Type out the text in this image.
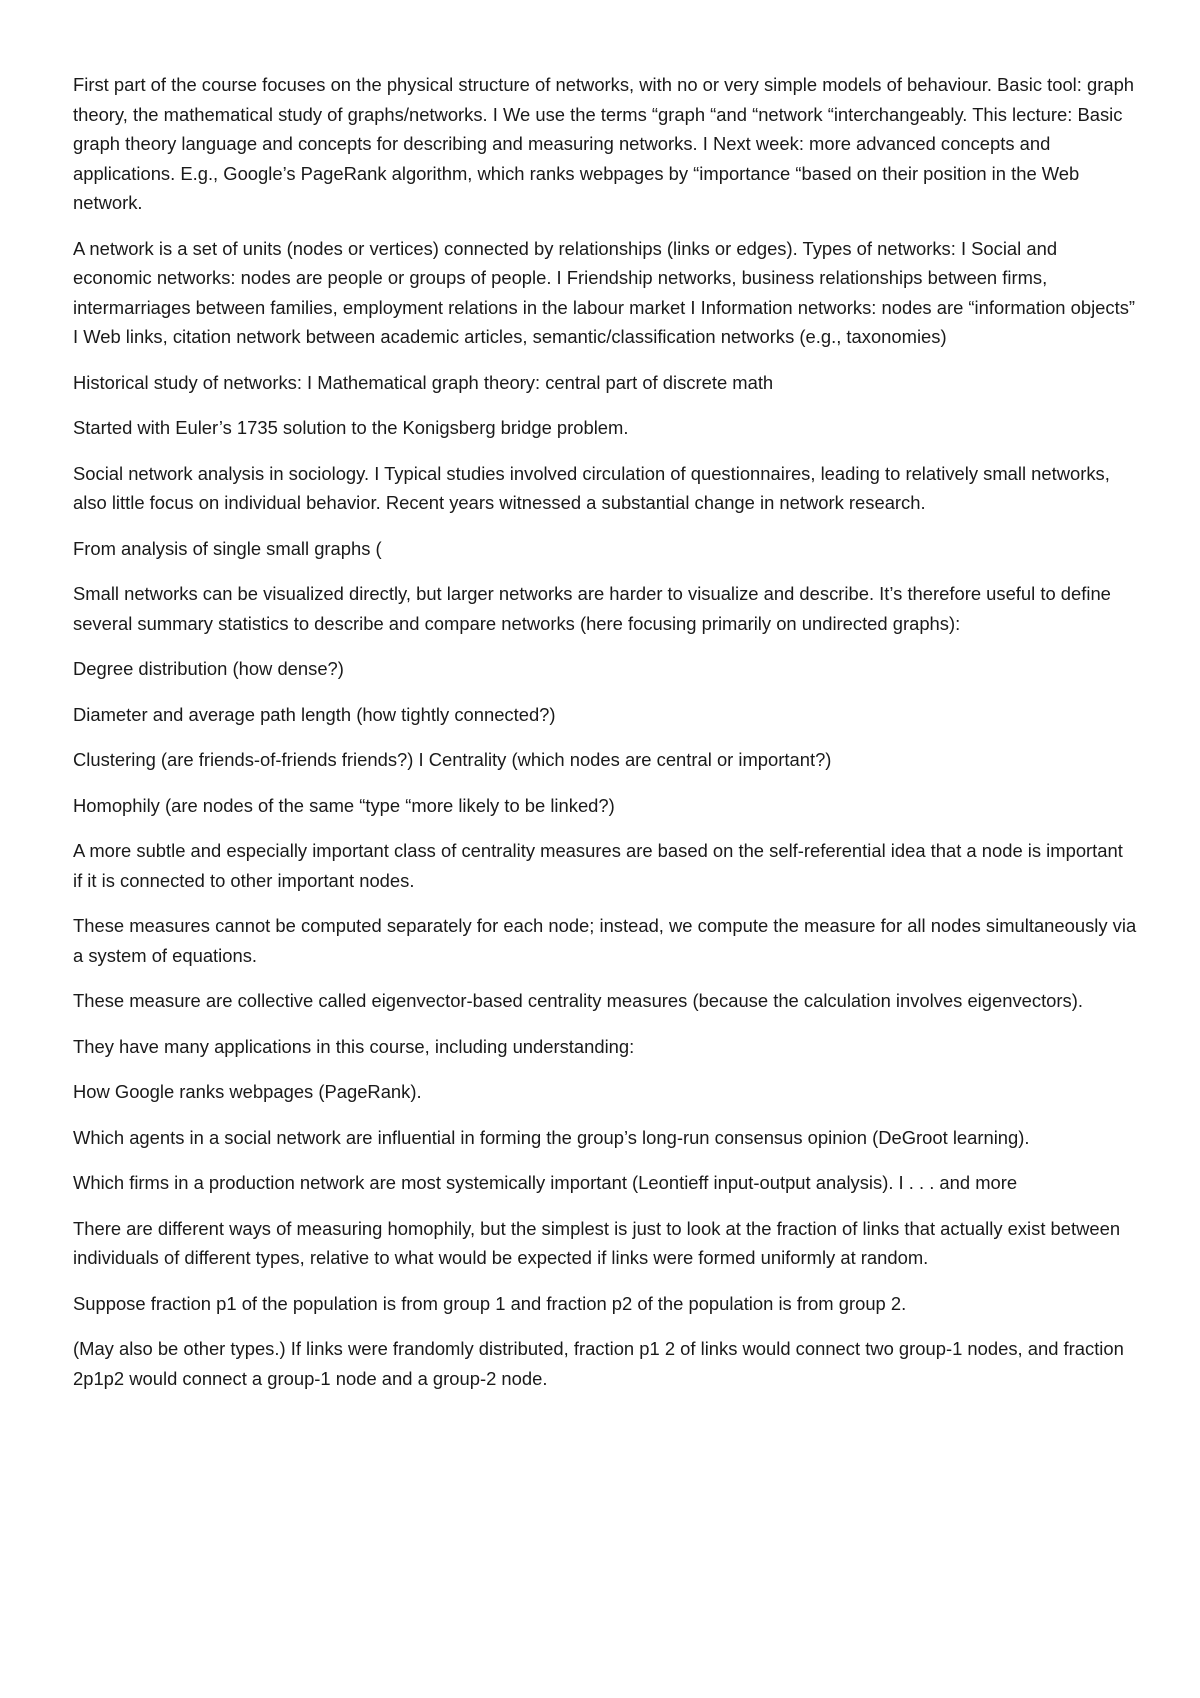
First part of the course focuses on the physical structure of networks, with no or very simple models of behaviour. Basic tool: graph theory, the mathematical study of graphs/networks. I We use the terms “graph “and “network “interchangeably. This lecture: Basic graph theory language and concepts for describing and measuring networks. I Next week: more advanced concepts and applications. E.g., Google’s PageRank algorithm, which ranks webpages by “importance “based on their position in the Web network.

A network is a set of units (nodes or vertices) connected by relationships (links or edges). Types of networks: I Social and economic networks: nodes are people or groups of people. I Friendship networks, business relationships between firms, intermarriages between families, employment relations in the labour market I Information networks: nodes are “information objects” I Web links, citation network between academic articles, semantic/classification networks (e.g., taxonomies)

Historical study of networks: I Mathematical graph theory: central part of discrete math

Started with Euler’s 1735 solution to the Konigsberg bridge problem.

Social network analysis in sociology. I Typical studies involved circulation of questionnaires, leading to relatively small networks, also little focus on individual behavior. Recent years witnessed a substantial change in network research.

From analysis of single small graphs (

Small networks can be visualized directly, but larger networks are harder to visualize and describe. It’s therefore useful to define several summary statistics to describe and compare networks (here focusing primarily on undirected graphs):

Degree distribution (how dense?)

Diameter and average path length (how tightly connected?)

Clustering (are friends-of-friends friends?) I Centrality (which nodes are central or important?)

Homophily (are nodes of the same “type “more likely to be linked?)

A more subtle and especially important class of centrality measures are based on the self-referential idea that a node is important if it is connected to other important nodes.

These measures cannot be computed separately for each node; instead, we compute the measure for all nodes simultaneously via a system of equations.

These measure are collective called eigenvector-based centrality measures (because the calculation involves eigenvectors).

They have many applications in this course, including understanding:

How Google ranks webpages (PageRank).

Which agents in a social network are influential in forming the group’s long-run consensus opinion (DeGroot learning).

Which firms in a production network are most systemically important (Leontieff input-output analysis). I . . . and more

There are different ways of measuring homophily, but the simplest is just to look at the fraction of links that actually exist between individuals of different types, relative to what would be expected if links were formed uniformly at random.

Suppose fraction p1 of the population is from group 1 and fraction p2 of the population is from group 2.

(May also be other types.) If links were frandomly distributed, fraction p1 2 of links would connect two group-1 nodes, and fraction 2p1p2 would connect a group-1 node and a group-2 node.
